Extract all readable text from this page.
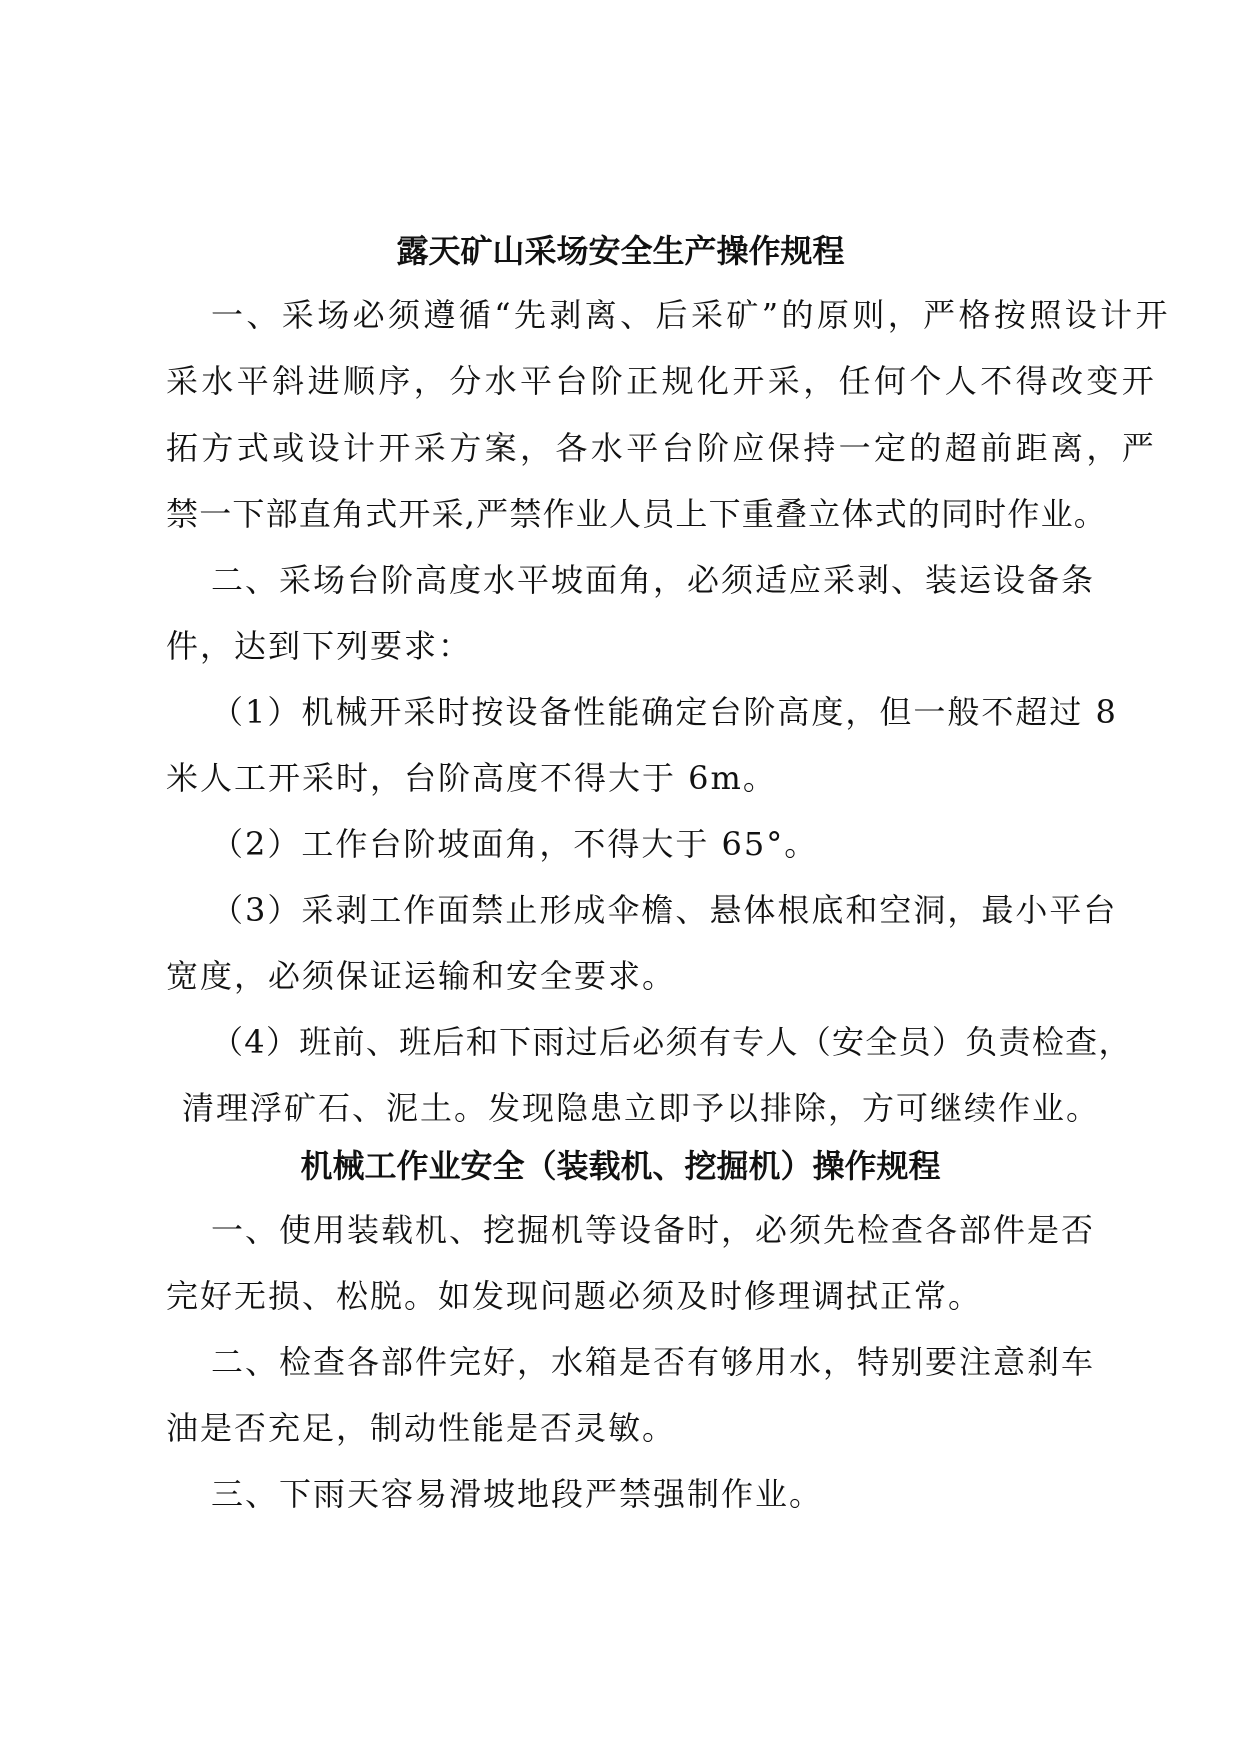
露天矿山采场安全生产操作规程
一、采场必须遵循“先剥离、后采矿”的原则，严格按照设计开
采水平斜进顺序，分水平台阶正规化开采，任何个人不得改变开
拓方式或设计开采方案，各水平台阶应保持一定的超前距离，严
禁一下部直角式开采,严禁作业人员上下重叠立体式的同时作业。
二、采场台阶高度水平坡面角，必须适应采剥、装运设备条
件，达到下列要求：
（1）机械开采时按设备性能确定台阶高度，但一般不超过 8
米人工开采时，台阶高度不得大于 6m。
（2）工作台阶坡面角，不得大于 65°。
（3）采剥工作面禁止形成伞檐、悬体根底和空洞，最小平台
宽度，必须保证运输和安全要求。
（4）班前、班后和下雨过后必须有专人（安全员）负责检查，
清理浮矿石、泥土。发现隐患立即予以排除，方可继续作业。
机械工作业安全（装载机、挖掘机）操作规程
一、使用装载机、挖掘机等设备时，必须先检查各部件是否
完好无损、松脱。如发现问题必须及时修理调拭正常。
二、检查各部件完好，水箱是否有够用水，特别要注意刹车
油是否充足，制动性能是否灵敏。
三、下雨天容易滑坡地段严禁强制作业。
